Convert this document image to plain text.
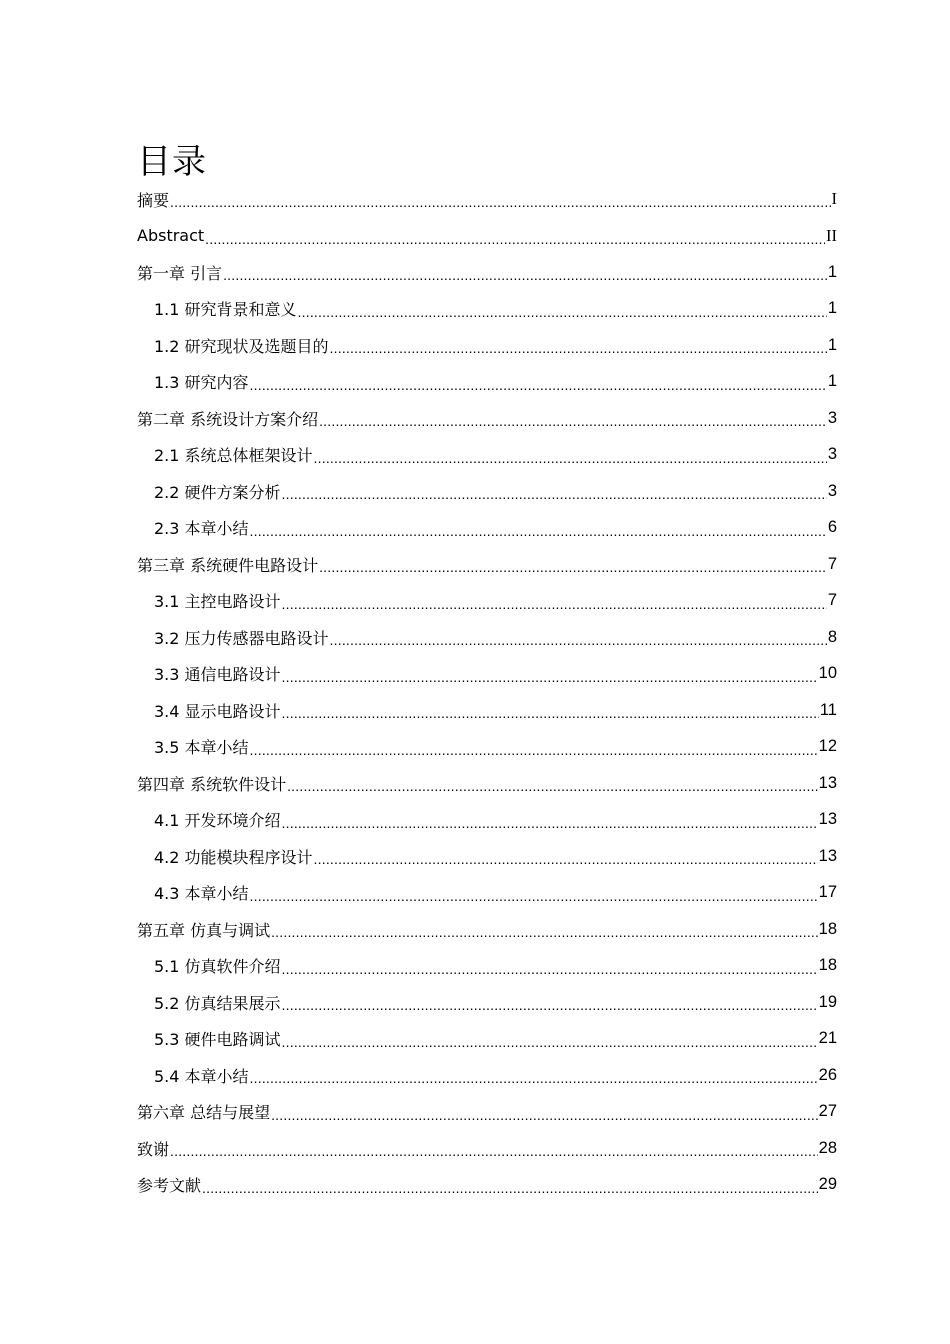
目录
摘要 .....	I
Abstract .....	II
第一章 引言 .....	1
1.1 研究背景和意义 .....	1
1.2 研究现状及选题目的 .....	1
1.3 研究内容 .....	1
第二章 系统设计方案介绍 .....	3
2.1 系统总体框架设计 .....	3
2.2 硬件方案分析 .....	3
2.3 本章小结 .....	6
第三章 系统硬件电路设计 .....	7
3.1 主控电路设计 .....	7
3.2 压力传感器电路设计 .....	8
3.3 通信电路设计 .....	10
3.4 显示电路设计 .....	11
3.5 本章小结 .....	12
第四章 系统软件设计 .....	13
4.1 开发环境介绍 .....	13
4.2 功能模块程序设计 .....	13
4.3 本章小结 .....	17
第五章 仿真与调试 .....	18
5.1 仿真软件介绍 .....	18
5.2 仿真结果展示 .....	19
5.3 硬件电路调试 .....	21
5.4 本章小结 .....	26
第六章 总结与展望 .....	27
致谢 .....	28
参考文献 .....	29
